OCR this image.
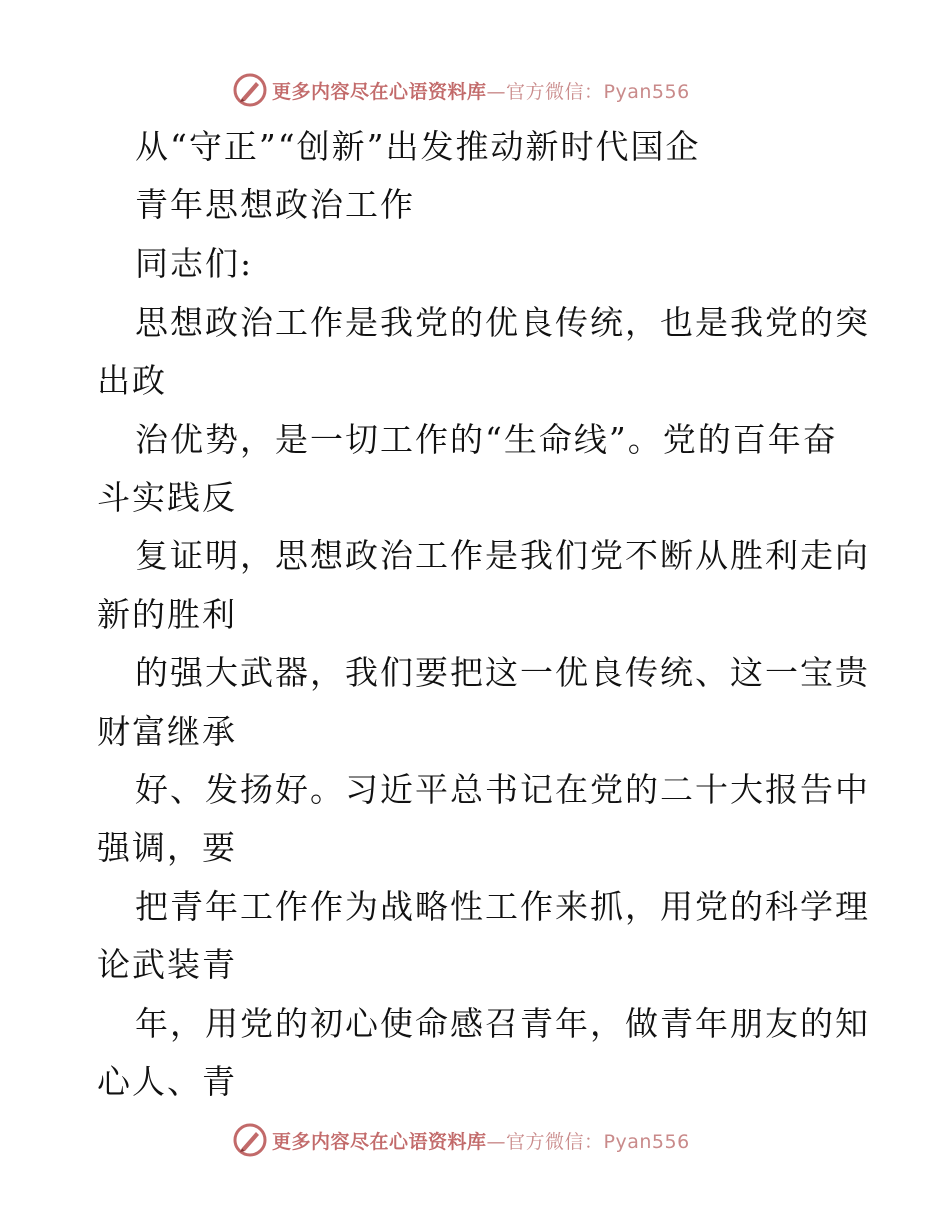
更多内容尽在心语资料库—官方微信：Pyan556
从“守正”“创新”出发推动新时代国企
青年思想政治工作
同志们:
思想政治工作是我党的优良传统，也是我党的突
出政
治优势，是一切工作的“生命线”。党的百年奋
斗实践反
复证明，思想政治工作是我们党不断从胜利走向
新的胜利
的强大武器，我们要把这一优良传统、这一宝贵
财富继承
好、发扬好。习近平总书记在党的二十大报告中
强调，要
把青年工作作为战略性工作来抓，用党的科学理
论武装青
年，用党的初心使命感召青年，做青年朋友的知
心人、青
更多内容尽在心语资料库—官方微信：Pyan556
